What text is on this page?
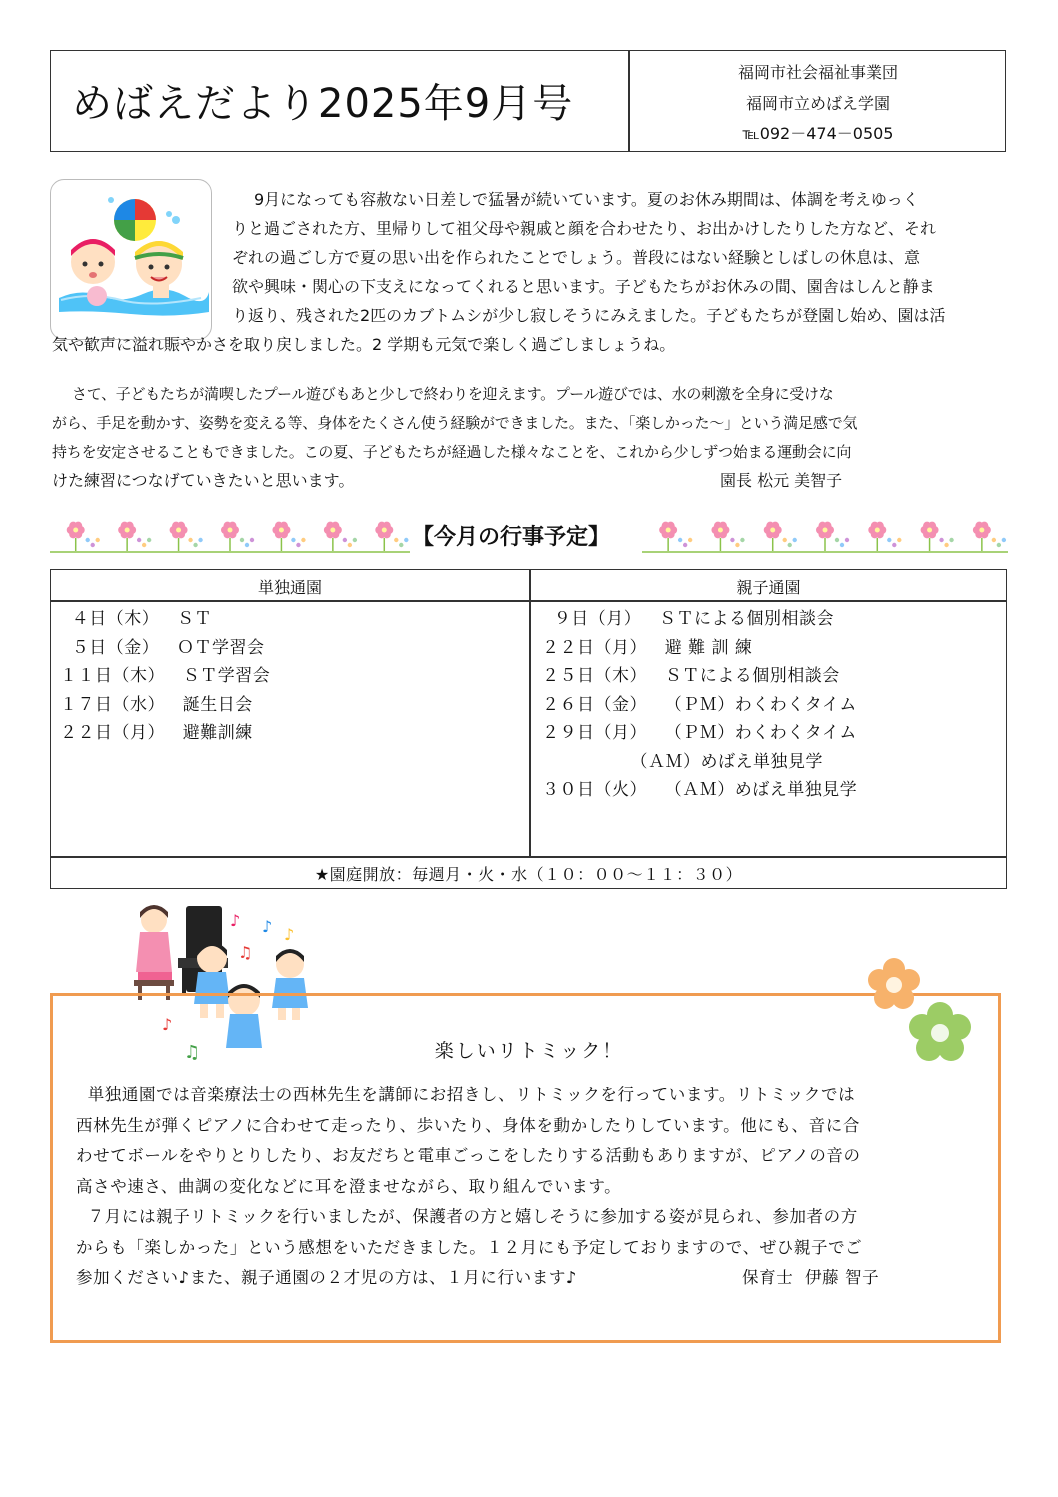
めばえだより2025年9月号
福岡市社会福祉事業団
福岡市立めばえ学園
℡092－474－0505
9月になっても容赦ない日差しで猛暑が続いています。夏のお休み期間は、体調を考えゆっく
りと過ごされた方、里帰りして祖父母や親戚と顔を合わせたり、お出かけしたりした方など、それ
ぞれの過ごし方で夏の思い出を作られたことでしょう。普段にはない経験としばしの休息は、意
欲や興味・関心の下支えになってくれると思います。子どもたちがお休みの間、園舎はしんと静ま
り返り、残された2匹のカブトムシが少し寂しそうにみえました。子どもたちが登園し始め、園は活
気や歓声に溢れ賑やかさを取り戻しました。2 学期も元気で楽しく過ごしましょうね。
さて、子どもたちが満喫したプール遊びもあと少しで終わりを迎えます。プール遊びでは、水の刺激を全身に受けな
がら、手足を動かす、姿勢を変える等、身体をたくさん使う経験ができました。また、「楽しかった～」という満足感で気
持ちを安定させることもできました。この夏、子どもたちが経過した様々なことを、これから少しずつ始まる運動会に向
けた練習につなげていきたいと思います。	園長 松元 美智子
【今月の行事予定】
単独通園	親子通園
４日（木）   ＳＴ
５日（金）   ＯＴ学習会
１１日（木）   ＳＴ学習会
１７日（水）   誕生日会
２２日（月）   避難訓練
９日（月）   ＳＴによる個別相談会
２２日（月）   避 難 訓 練
２５日（木）   ＳＴによる個別相談会
２６日（金）   （ＰＭ）わくわくタイム
２９日（月）   （ＰＭ）わくわくタイム
（ＡＭ）めばえ単独見学
３０日（火）   （ＡＭ）めばえ単独見学
★園庭開放：毎週月・火・水（１０：００～１１：３０）
♪ ♪ ♪
♫
♪
♫	楽しいリトミック！
単独通園では音楽療法士の西林先生を講師にお招きし、リトミックを行っています。リトミックでは
西林先生が弾くピアノに合わせて走ったり、歩いたり、身体を動かしたりしています。他にも、音に合
わせてボールをやりとりしたり、お友だちと電車ごっこをしたりする活動もありますが、ピアノの音の
高さや速さ、曲調の変化などに耳を澄ませながら、取り組んでいます。
７月には親子リトミックを行いましたが、保護者の方と嬉しそうに参加する姿が見られ、参加者の方
からも「楽しかった」という感想をいただきました。１２月にも予定しておりますので、ぜひ親子でご
参加ください♪また、親子通園の２才児の方は、１月に行います♪	保育士  伊藤 智子
